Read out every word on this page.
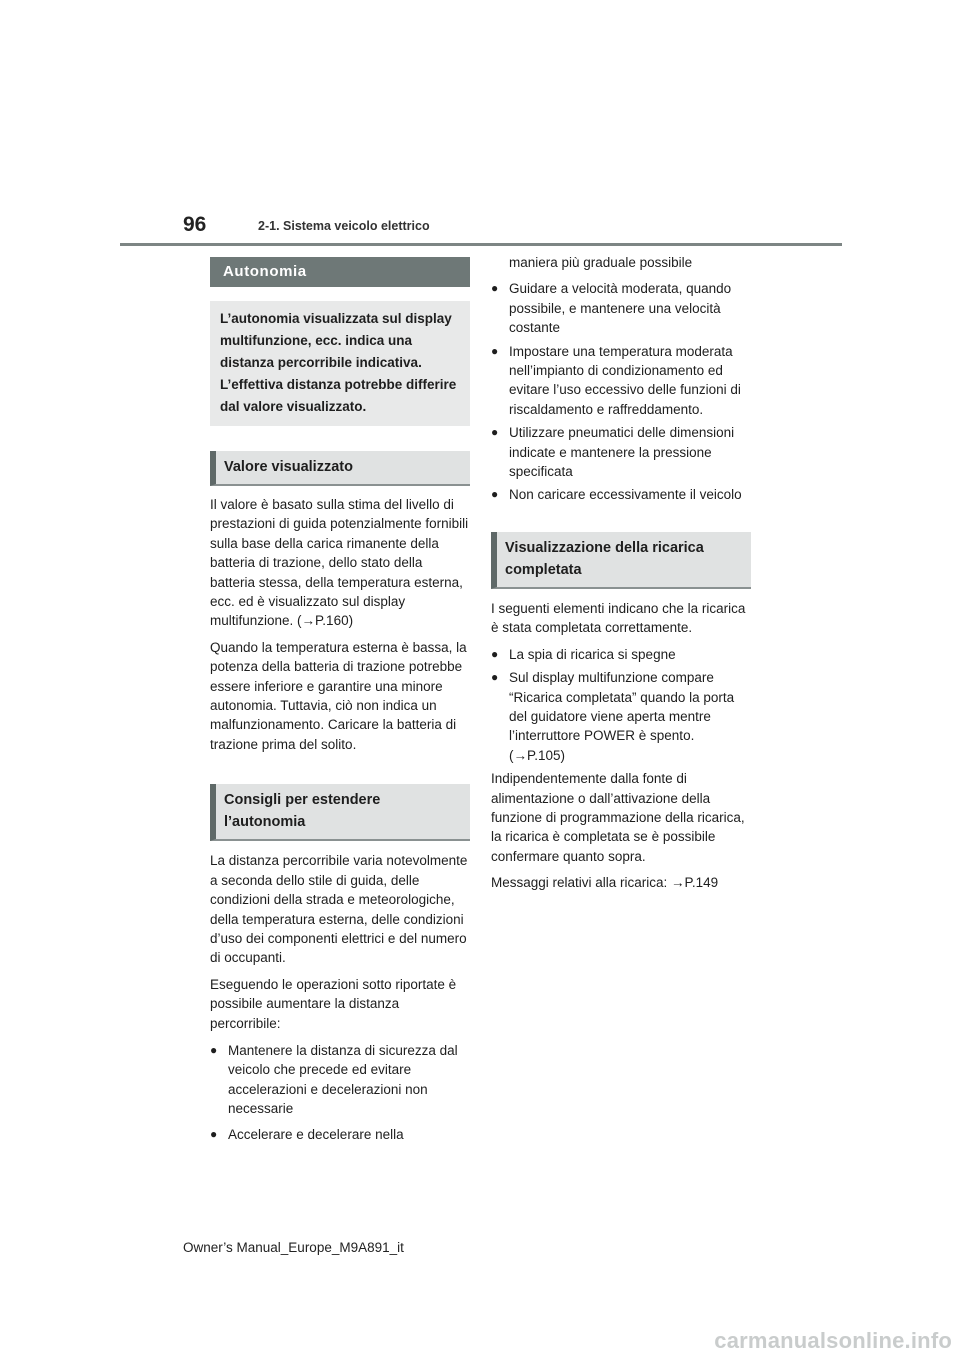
96	2-1. Sistema veicolo elettrico
Autonomia
L’autonomia visualizzata sul display multifunzione, ecc. indica una distanza percorribile indicativa. L’effettiva distanza potrebbe differire dal valore visualizzato.
Valore visualizzato

Il valore è basato sulla stima del livello di prestazioni di guida potenzialmente fornibili sulla base della carica rimanente della batteria di trazione, dello stato della batteria stessa, della temperatura esterna, ecc. ed è visualizzato sul display multifunzione. (→P.160)

Quando la temperatura esterna è bassa, la potenza della batteria di trazione potrebbe essere inferiore e garantire una minore autonomia. Tuttavia, ciò non indica un malfunzionamento. Caricare la batteria di trazione prima del solito.

Consigli per estendere l’autonomia

La distanza percorribile varia notevolmente a seconda dello stile di guida, delle condizioni della strada e meteorologiche, della temperatura esterna, delle condizioni d’uso dei componenti elettrici e del numero di occupanti.

Eseguendo le operazioni sotto riportate è possibile aumentare la distanza percorribile:

● Mantenere la distanza di sicurezza dal veicolo che precede ed evitare accelerazioni e decelerazioni non necessarie
● Accelerare e decelerare nella

maniera più graduale possibile

● Guidare a velocità moderata, quando possibile, e mantenere una velocità costante
● Impostare una temperatura moderata nell’impianto di condizionamento ed evitare l’uso eccessivo delle funzioni di riscaldamento e raffreddamento.
● Utilizzare pneumatici delle dimensioni indicate e mantenere la pressione specificata
● Non caricare eccessivamente il veicolo
Visualizzazione della ricarica completata

I seguenti elementi indicano che la ricarica è stata completata correttamente.

● La spia di ricarica si spegne
● Sul display multifunzione compare “Ricarica completata” quando la porta del guidatore viene aperta mentre l’interruttore POWER è spento. (→P.105)

Indipendentemente dalla fonte di alimentazione o dall’attivazione della funzione di programmazione della ricarica, la ricarica è completata se è possibile confermare quanto sopra.

Messaggi relativi alla ricarica: →P.149

Owner’s Manual_Europe_M9A891_it
carmanualsonline.info
